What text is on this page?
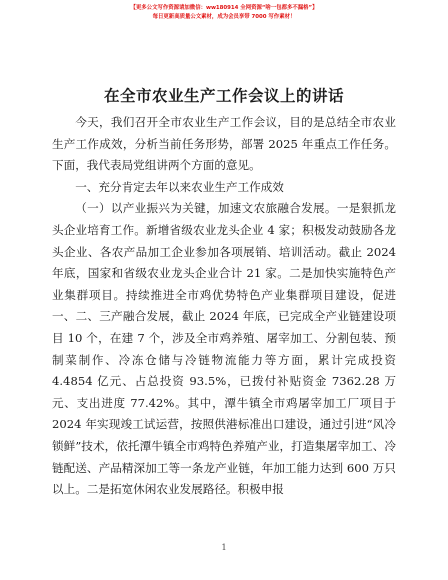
【更多公文写作资源请加微信：ww180914 全网资源“啥一包都多不漏格”】
每日更新高质量公文素材，成为会员享带 7000 写作素材！
在全市农业生产工作会议上的讲话

今天，我们召开全市农业生产工作会议，目的是总结全市农业生产工作成效，分析当前任务形势，部署 2025 年重点工作任务。下面，我代表局党组讲两个方面的意见。

一、充分肯定去年以来农业生产工作成效

（一）以产业振兴为关键，加速文农旅融合发展。一是狠抓龙头企业培育工作。新增省级农业龙头企业 4 家；积极发动鼓励各龙头企业、各农产品加工企业参加各项展销、培训活动。截止 2024 年底，国家和省级农业龙头企业合计 21 家。二是加快实施特色产业集群项目。持续推进全市鸡优势特色产业集群项目建设，促进一、二、三产融合发展，截止 2024 年底，已完成全产业链建设项目 10 个，在建 7 个，涉及全市鸡养殖、屠宰加工、分割包装、预制菜制作、冷冻仓储与冷链物流能力等方面，累计完成投资 4.4854 亿元、占总投资 93.5%，已拨付补贴资金 7362.28 万元、支出进度 77.42%。其中，潭牛镇全市鸡屠宰加工厂项目于 2024 年实现竣工试运营，按照供港标准出口建设，通过引进“风冷锁鲜”技术，依托潭牛镇全市鸡特色养殖产业，打造集屠宰加工、冷链配送、产品精深加工等一条龙产业链，年加工能力达到 600 万只以上。二是拓宽休闲农业发展路径。积极申报

1
